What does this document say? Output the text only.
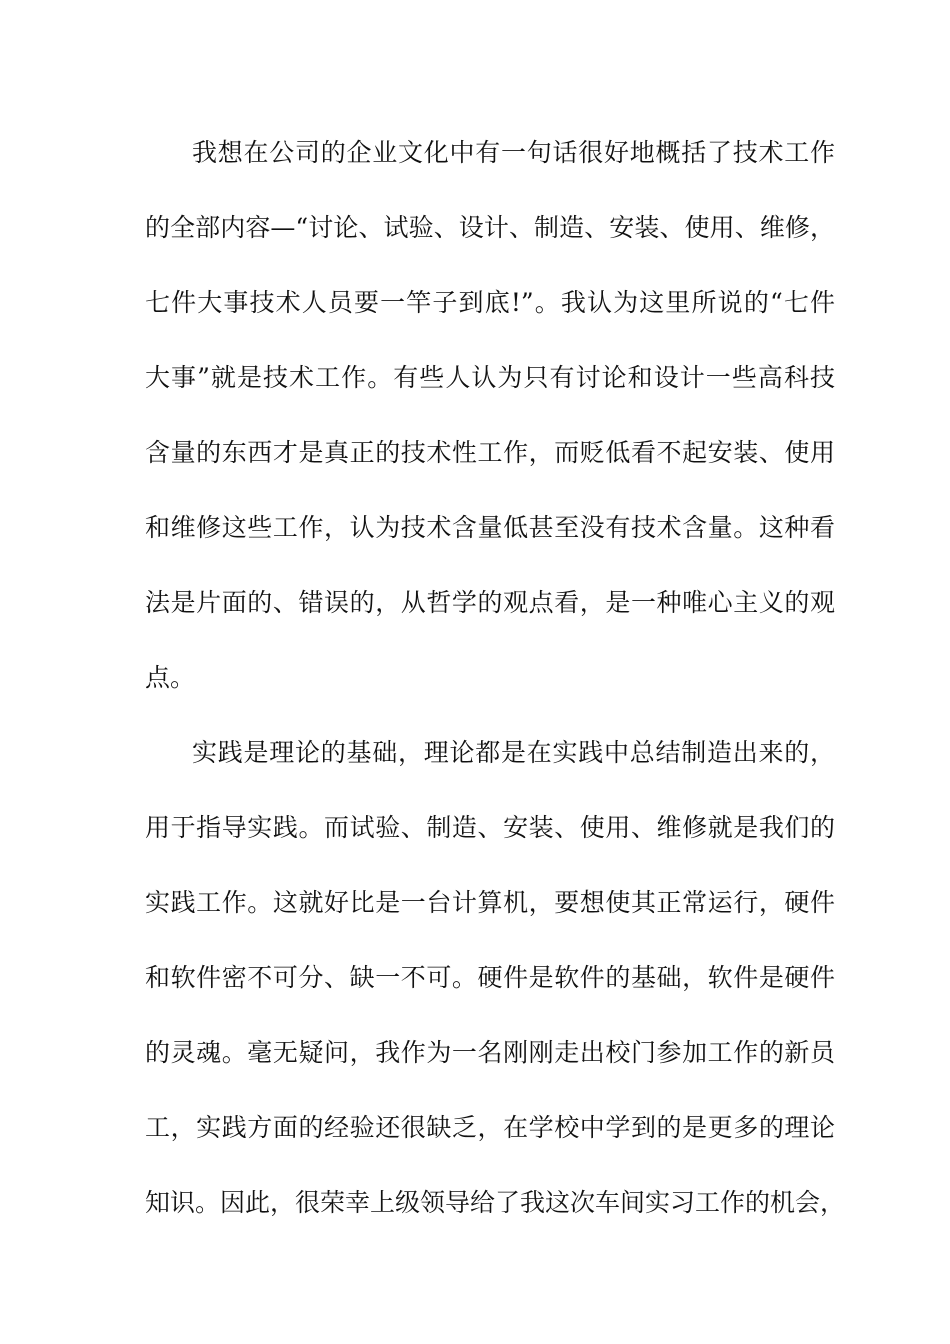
我想在公司的企业文化中有一句话很好地概括了技术工作
的全部内容—“讨论、试验、设计、制造、安装、使用、维修，
七件大事技术人员要一竿子到底!”。我认为这里所说的“七件
大事”就是技术工作。有些人认为只有讨论和设计一些高科技
含量的东西才是真正的技术性工作，而贬低看不起安装、使用
和维修这些工作，认为技术含量低甚至没有技术含量。这种看
法是片面的、错误的，从哲学的观点看，是一种唯心主义的观
点。
实践是理论的基础，理论都是在实践中总结制造出来的，
用于指导实践。而试验、制造、安装、使用、维修就是我们的
实践工作。这就好比是一台计算机，要想使其正常运行，硬件
和软件密不可分、缺一不可。硬件是软件的基础，软件是硬件
的灵魂。毫无疑问，我作为一名刚刚走出校门参加工作的新员
工，实践方面的经验还很缺乏，在学校中学到的是更多的理论
知识。因此，很荣幸上级领导给了我这次车间实习工作的机会，
